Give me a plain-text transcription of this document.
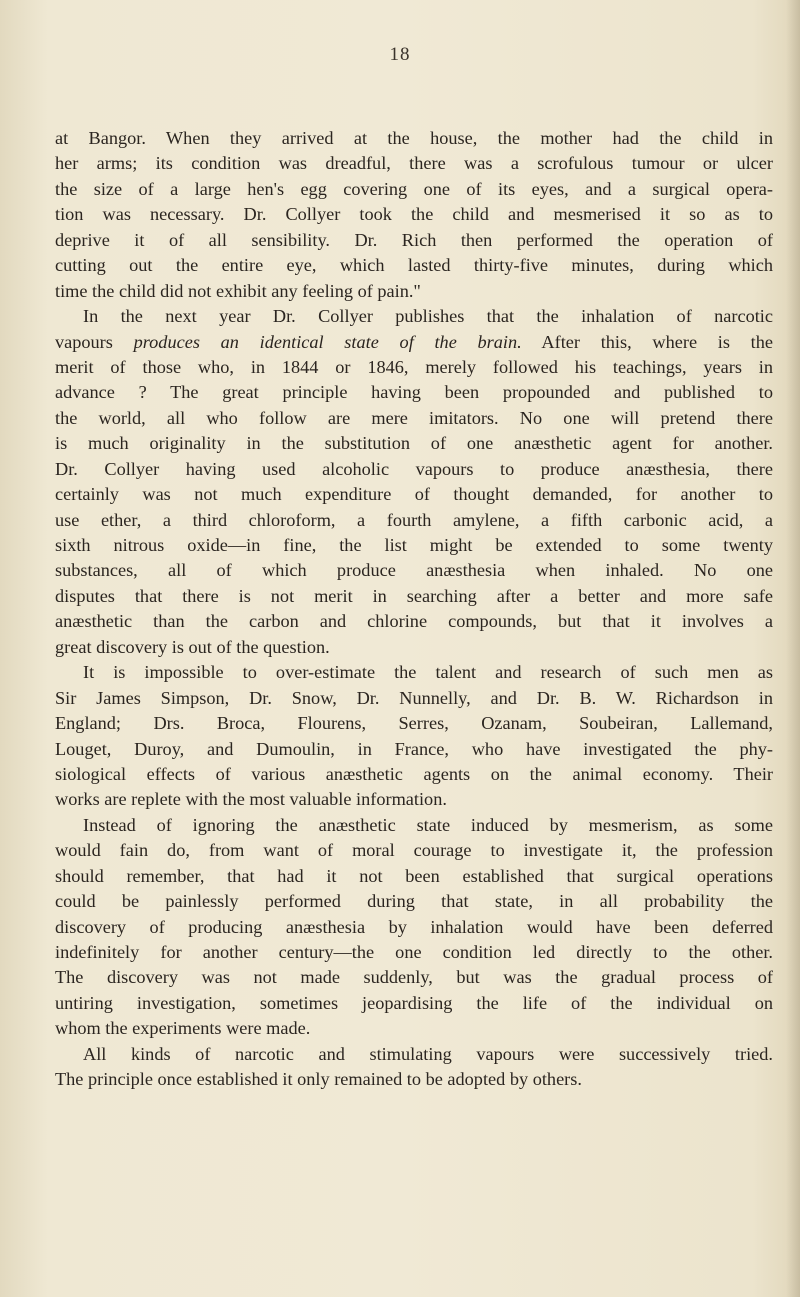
18
at Bangor. When they arrived at the house, the mother had the child in
her arms; its condition was dreadful, there was a scrofulous tumour or ulcer
the size of a large hen's egg covering one of its eyes, and a surgical opera-
tion was necessary. Dr. Collyer took the child and mesmerised it so as to
deprive it of all sensibility. Dr. Rich then performed the operation of
cutting out the entire eye, which lasted thirty-five minutes, during which
time the child did not exhibit any feeling of pain."
In the next year Dr. Collyer publishes that the inhalation of narcotic
vapours produces an identical state of the brain. After this, where is the
merit of those who, in 1844 or 1846, merely followed his teachings, years in
advance ? The great principle having been propounded and published to
the world, all who follow are mere imitators. No one will pretend there
is much originality in the substitution of one anæsthetic agent for another.
Dr. Collyer having used alcoholic vapours to produce anæsthesia, there
certainly was not much expenditure of thought demanded, for another to
use ether, a third chloroform, a fourth amylene, a fifth carbonic acid, a
sixth nitrous oxide—in fine, the list might be extended to some twenty
substances, all of which produce anæsthesia when inhaled. No one
disputes that there is not merit in searching after a better and more safe
anæsthetic than the carbon and chlorine compounds, but that it involves a
great discovery is out of the question.
It is impossible to over-estimate the talent and research of such men as
Sir James Simpson, Dr. Snow, Dr. Nunnelly, and Dr. B. W. Richardson in
England; Drs. Broca, Flourens, Serres, Ozanam, Soubeiran, Lallemand,
Louget, Duroy, and Dumoulin, in France, who have investigated the phy-
siological effects of various anæsthetic agents on the animal economy. Their
works are replete with the most valuable information.
Instead of ignoring the anæsthetic state induced by mesmerism, as some
would fain do, from want of moral courage to investigate it, the profession
should remember, that had it not been established that surgical operations
could be painlessly performed during that state, in all probability the
discovery of producing anæsthesia by inhalation would have been deferred
indefinitely for another century—the one condition led directly to the other.
The discovery was not made suddenly, but was the gradual process of
untiring investigation, sometimes jeopardising the life of the individual on
whom the experiments were made.
All kinds of narcotic and stimulating vapours were successively tried.
The principle once established it only remained to be adopted by others.
